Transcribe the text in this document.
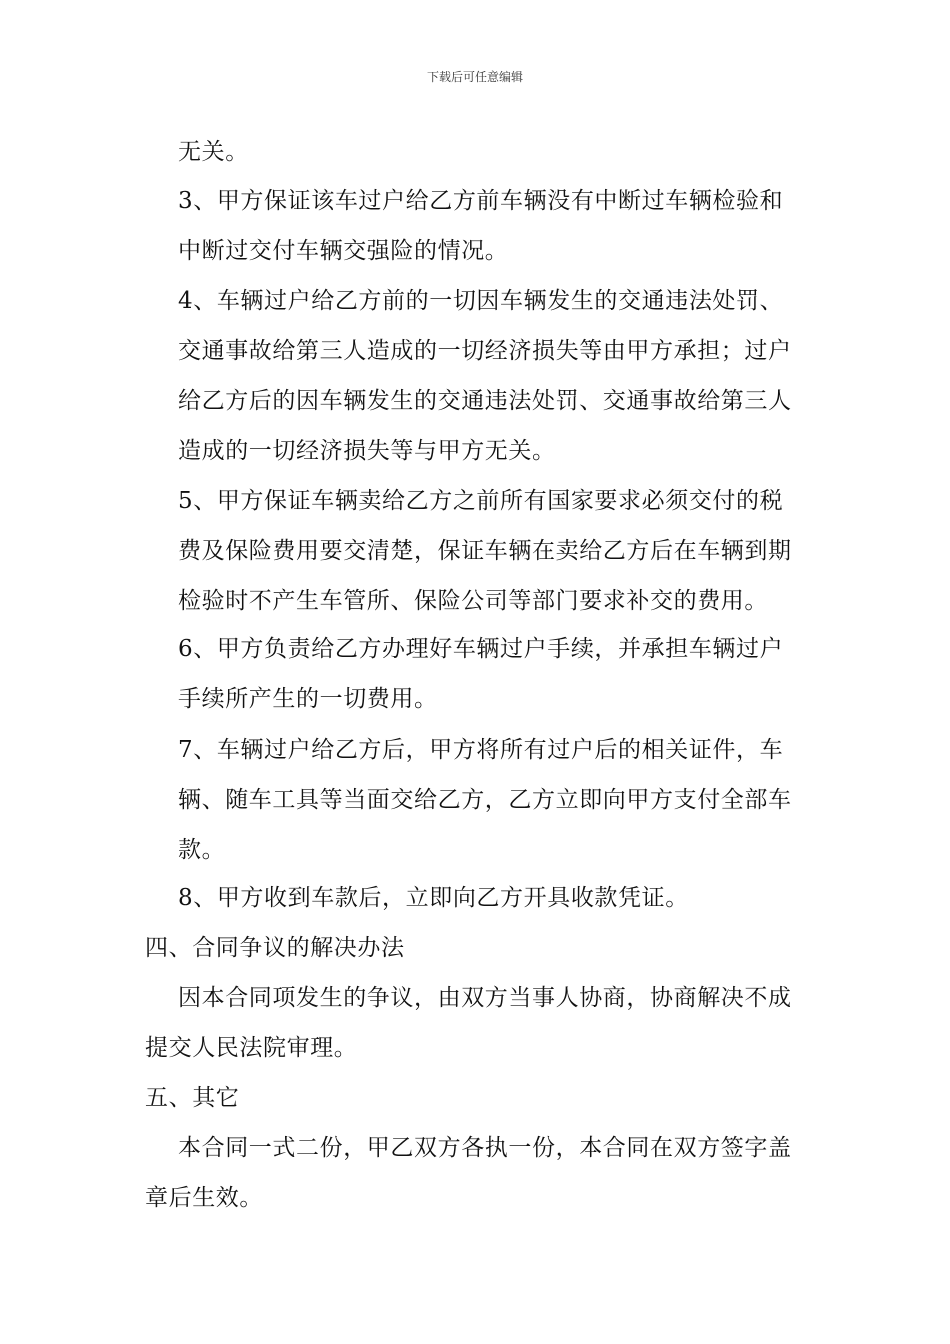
下载后可任意编辑
无关。
3、甲方保证该车过户给乙方前车辆没有中断过车辆检验和
中断过交付车辆交强险的情况。
4、车辆过户给乙方前的一切因车辆发生的交通违法处罚、
交通事故给第三人造成的一切经济损失等由甲方承担；过户
给乙方后的因车辆发生的交通违法处罚、交通事故给第三人
造成的一切经济损失等与甲方无关。
5、甲方保证车辆卖给乙方之前所有国家要求必须交付的税
费及保险费用要交清楚，保证车辆在卖给乙方后在车辆到期
检验时不产生车管所、保险公司等部门要求补交的费用。
6、甲方负责给乙方办理好车辆过户手续，并承担车辆过户
手续所产生的一切费用。
7、车辆过户给乙方后，甲方将所有过户后的相关证件，车
辆、随车工具等当面交给乙方，乙方立即向甲方支付全部车
款。
8、甲方收到车款后，立即向乙方开具收款凭证。
四、合同争议的解决办法
因本合同项发生的争议，由双方当事人协商，协商解决不成
提交人民法院审理。
五、其它
本合同一式二份，甲乙双方各执一份，本合同在双方签字盖
章后生效。
